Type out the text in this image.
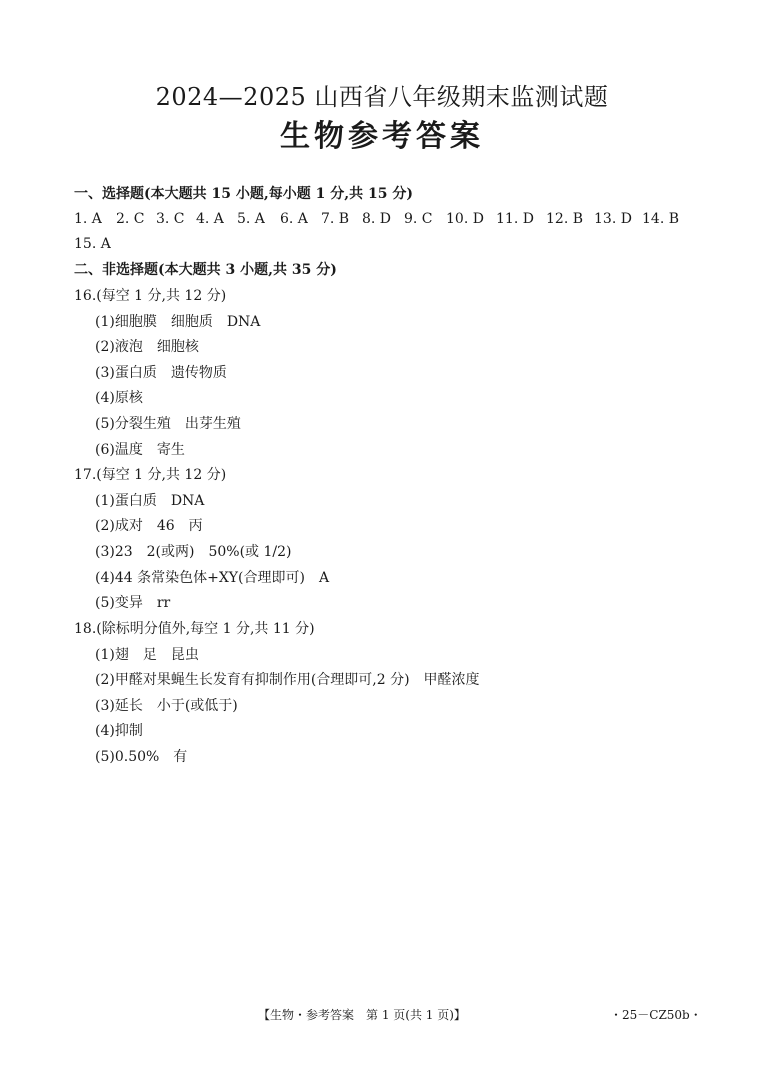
2024—2025 山西省八年级期末监测试题
生物参考答案
一、选择题(本大题共 15 小题,每小题 1 分,共 15 分)
1. A 2. C 3. C 4. A 5. A 6. A 7. B 8. D 9. C 10. D 11. D 12. B 13. D 14. B
15. A
二、非选择题(本大题共 3 小题,共 35 分)
16.(每空 1 分,共 12 分)
(1)细胞膜　细胞质　DNA
(2)液泡　细胞核
(3)蛋白质　遗传物质
(4)原核
(5)分裂生殖　出芽生殖
(6)温度　寄生
17.(每空 1 分,共 12 分)
(1)蛋白质　DNA
(2)成对　46　丙
(3)23　2(或两)　50%(或 1/2)
(4)44 条常染色体+XY(合理即可)　A
(5)变异　rr
18.(除标明分值外,每空 1 分,共 11 分)
(1)翅　足　昆虫
(2)甲醛对果蝇生长发育有抑制作用(合理即可,2 分)　甲醛浓度
(3)延长　小于(或低于)
(4)抑制
(5)0.50%　有
【生物・参考答案　第 1 页(共 1 页)】	・25－CZ50b・
